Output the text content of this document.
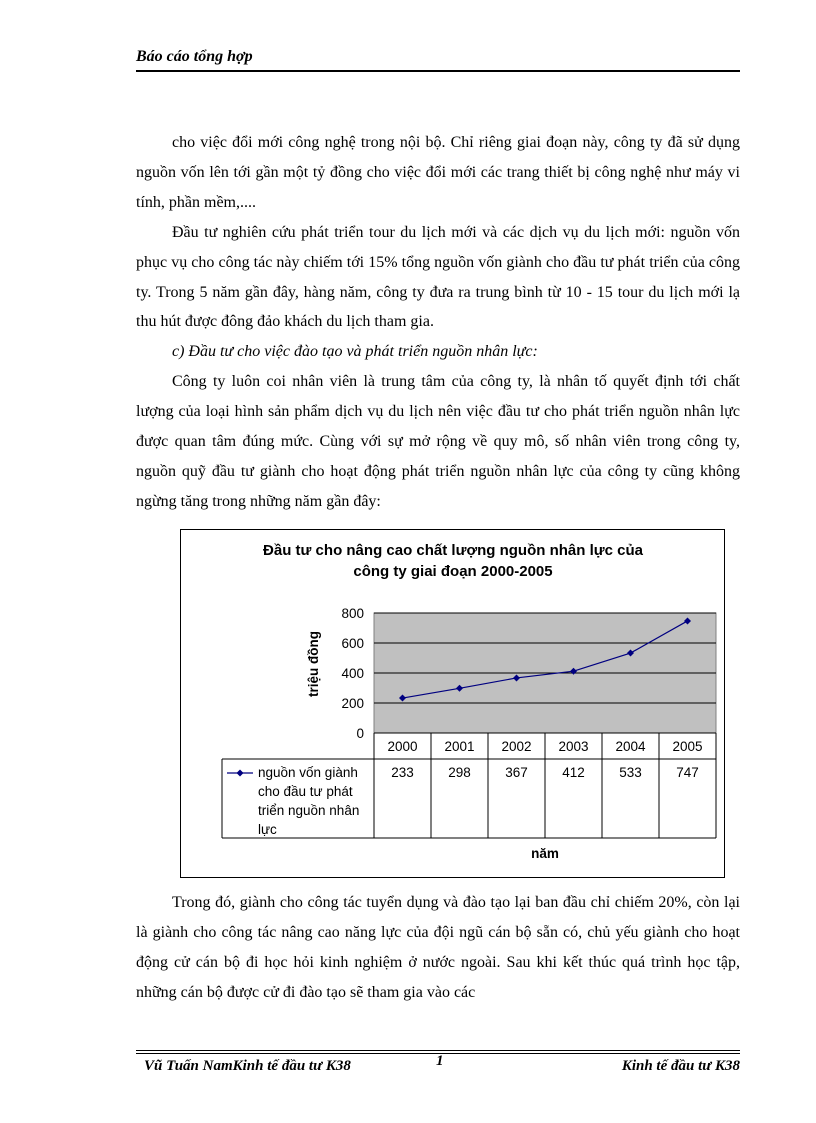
Báo cáo tổng hợp

cho việc đổi mới công nghệ trong nội bộ. Chỉ riêng giai đoạn này, công ty đã sử dụng nguồn vốn lên tới gần một tỷ đồng cho việc đổi mới các trang thiết bị công nghệ như máy vi tính, phần mềm,....

Đầu tư nghiên cứu phát triển tour du lịch mới và các dịch vụ du lịch mới: nguồn vốn phục vụ cho công tác này chiếm tới 15% tổng nguồn vốn giành cho đầu tư phát triển của công ty. Trong 5 năm gần đây, hàng năm, công ty đưa ra trung bình từ 10 - 15 tour du lịch mới lạ thu hút được đông đảo khách du lịch tham gia.

c) Đầu tư cho việc đào tạo và phát triển nguồn nhân lực:

Công ty luôn coi nhân viên là trung tâm của công ty, là nhân tố quyết định tới chất lượng của loại hình sản phẩm dịch vụ du lịch nên việc đầu tư cho phát triển nguồn nhân lực được quan tâm đúng mức. Cùng với sự mở rộng về quy mô, số nhân viên trong công ty, nguồn quỹ đầu tư giành cho hoạt động phát triển nguồn nhân lực của công ty cũng không ngừng tăng trong những năm gần đây:

Đầu tư cho nâng cao chất lượng nguồn nhân lực của
công ty giai đoạn 2000-2005
triệu đồng
năm
0
200
400
600
800
2000 2001 2002 2003 2004 2005
233	298	367	412	533	747
nguồn vốn giành
cho đầu tư phát
triển nguồn nhân
lực

Trong đó, giành cho công tác tuyển dụng và đào tạo lại ban đầu chỉ chiếm 20%, còn lại là giành cho công tác nâng cao năng lực của đội ngũ cán bộ sẵn có, chủ yếu giành cho hoạt động cử cán bộ đi học hỏi kinh nghiệm ở nước ngoài. Sau khi kết thúc quá trình học tập, những cán bộ được cử đi đào tạo sẽ tham gia vào các

Vũ Tuấn NamKinh tế đầu tư K38	1	Kinh tế đầu tư K38
